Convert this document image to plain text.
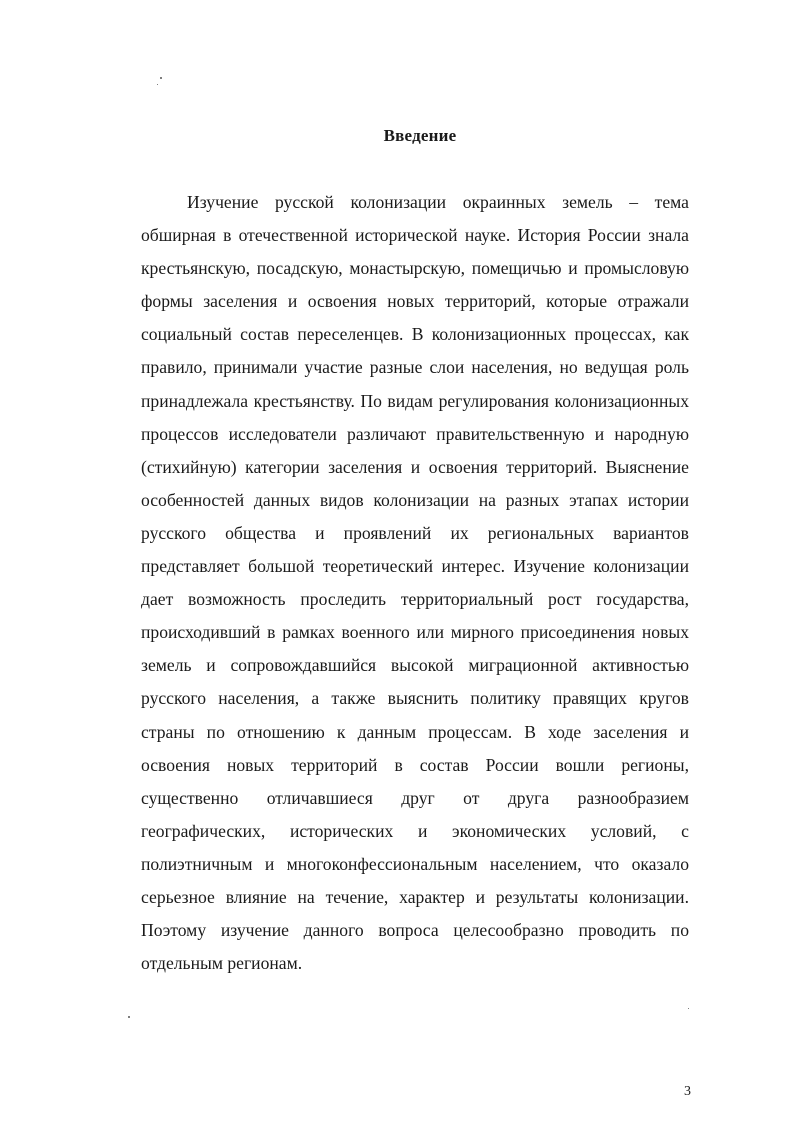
Введение

Изучение русской колонизации окраинных земель – тема обширная в отечественной исторической науке. История России знала крестьянскую, посадскую, монастырскую, помещичью и промысловую формы заселения и освоения новых территорий, которые отражали социальный состав переселенцев. В колонизационных процессах, как правило, принимали участие разные слои населения, но ведущая роль принадлежала крестьянству. По видам регулирования колонизационных процессов исследователи различают правительственную и народную (стихийную) категории заселения и освоения территорий. Выяснение особенностей данных видов колонизации на разных этапах истории русского общества и проявлений их региональных вариантов представляет большой теоретический интерес. Изучение колонизации дает возможность проследить территориальный рост государства, происходивший в рамках военного или мирного присоединения новых земель и сопровождавшийся высокой миграционной активностью русского населения, а также выяснить политику правящих кругов страны по отношению к данным процессам. В ходе заселения и освоения новых территорий в состав России вошли регионы, существенно отличавшиеся друг от друга разнообразием географических, исторических и экономических условий, с полиэтничным и многоконфессиональным населением, что оказало серьезное влияние на течение, характер и результаты колонизации. Поэтому изучение данного вопроса целесообразно проводить по отдельным регионам.

3
